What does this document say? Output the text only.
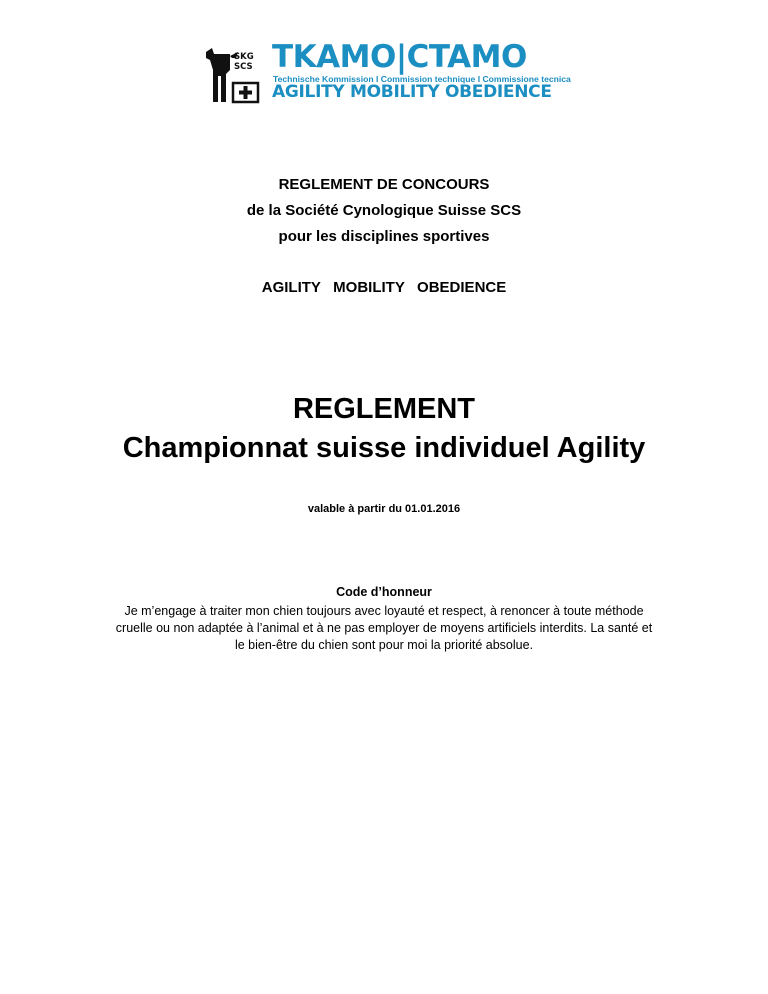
SKG
SCS TKAMO|CTAMO
Technische Kommission I Commission technique I Commissione tecnica
AGILITY MOBILITY OBEDIENCE
REGLEMENT DE CONCOURS
de la Société Cynologique Suisse SCS
pour les disciplines sportives
AGILITY   MOBILITY   OBEDIENCE
REGLEMENT
Championnat suisse individuel Agility
valable à partir du 01.01.2016
Code d’honneur
Je m’engage à traiter mon chien toujours avec loyauté et respect, à renoncer à toute méthode
cruelle ou non adaptée à l’animal et à ne pas employer de moyens artificiels interdits. La santé et
le bien-être du chien sont pour moi la priorité absolue.
